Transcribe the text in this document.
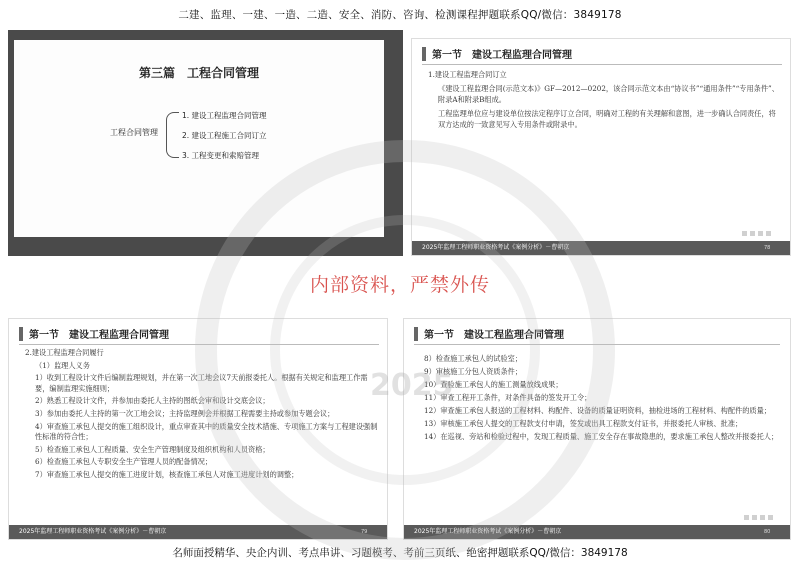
二建、监理、一建、一造、二造、安全、消防、咨询、检测课程押题联系QQ/微信：3849178
第三篇　工程合同管理
工程合同管理
1. 建设工程监理合同管理
2. 建设工程施工合同订立
3. 工程变更和索赔管理
第一节　建设工程监理合同管理

1.建设工程监理合同订立

《建设工程监理合同(示范文本)》GF—2012—0202，该合同示范文本由“协议书”“通用条件”“专用条件”、附录A和附录B组成。

工程监理单位应与建设单位按法定程序订立合同，明确对工程的有关理解和意图，进一步确认合同责任，将双方达成的一致意见写入专用条件或附录中。

2025年监理工程师职业资格考试《案例分析》－曹朝京	78
2025
内部资料，严禁外传
第一节　建设工程监理合同管理

2.建设工程监理合同履行

（1）监理人义务

1）收到工程设计文件后编制监理规划，并在第一次工地会议7天前报委托人。根据有关规定和监理工作需要，编制监理实施细则；

2）熟悉工程设计文件，并参加由委托人主持的图纸会审和设计交底会议；

3）参加由委托人主持的第一次工地会议；主持监理例会并根据工程需要主持或参加专题会议；

4）审查施工承包人提交的施工组织设计，重点审查其中的质量安全技术措施、专项施工方案与工程建设强制性标准的符合性；

5）检查施工承包人工程质量、安全生产管理制度及组织机构和人员资格；

6）检查施工承包人专职安全生产管理人员的配备情况；

7）审查施工承包人提交的施工进度计划，核查施工承包人对施工进度计划的调整；

2025年监理工程师职业资格考试《案例分析》－曹朝京	79
第一节　建设工程监理合同管理

8）检查施工承包人的试验室；

9）审核施工分包人资质条件；

10）查验施工承包人的施工测量放线成果；

11）审查工程开工条件，对条件具备的签发开工令；

12）审查施工承包人报送的工程材料、构配件、设备的质量证明资料，抽检进场的工程材料、构配件的质量；

13）审核施工承包人提交的工程款支付申请，签发或出具工程款支付证书，并报委托人审核、批准；

14）在巡视、旁站和检验过程中，发现工程质量、施工安全存在事故隐患的，要求施工承包人整改并报委托人；

2025年监理工程师职业资格考试《案例分析》－曹朝京	80
名师面授精华、央企内训、考点串讲、习题模考、考前三页纸、绝密押题联系QQ/微信：3849178
